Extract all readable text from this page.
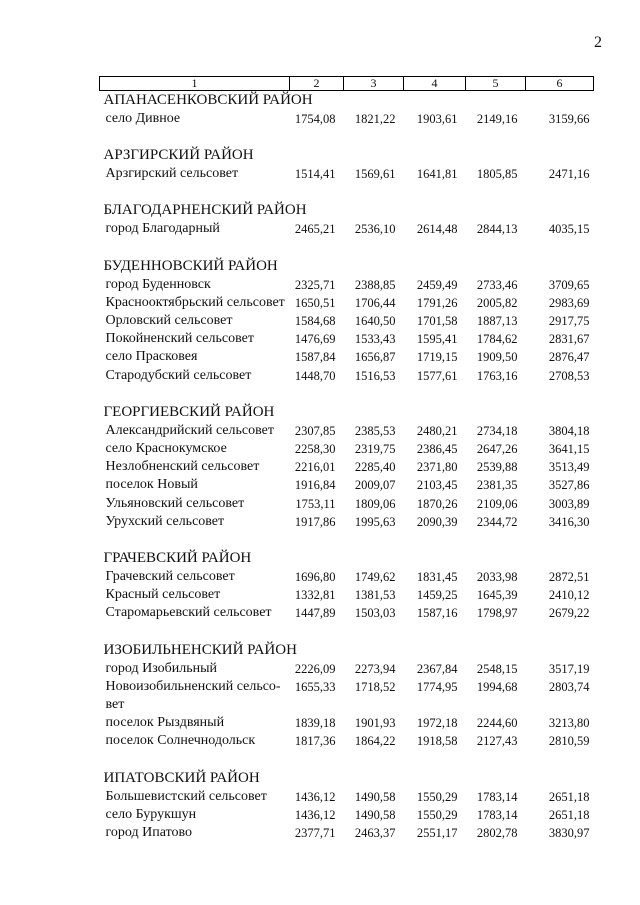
2
1	2	3	4	5	6
АПАНАСЕНКОВСКИЙ РАЙОН					
село Дивное	1754,08	1821,22	1903,61	2149,16	3159,66

АРЗГИРСКИЙ РАЙОН					
Арзгирский сельсовет	1514,41	1569,61	1641,81	1805,85	2471,16

БЛАГОДАРНЕНСКИЙ РАЙОН					
город Благодарный	2465,21	2536,10	2614,48	2844,13	4035,15

БУДЕННОВСКИЙ РАЙОН					
город Буденновск	2325,71	2388,85	2459,49	2733,46	3709,65
Краснооктябрьский сельсовет	1650,51	1706,44	1791,26	2005,82	2983,69
Орловский сельсовет	1584,68	1640,50	1701,58	1887,13	2917,75
Покойненский сельсовет	1476,69	1533,43	1595,41	1784,62	2831,67
село Прасковея	1587,84	1656,87	1719,15	1909,50	2876,47
Стародубский сельсовет	1448,70	1516,53	1577,61	1763,16	2708,53

ГЕОРГИЕВСКИЙ РАЙОН					
Александрийский сельсовет	2307,85	2385,53	2480,21	2734,18	3804,18
село Краснокумское	2258,30	2319,75	2386,45	2647,26	3641,15
Незлобненский сельсовет	2216,01	2285,40	2371,80	2539,88	3513,49
поселок Новый	1916,84	2009,07	2103,45	2381,35	3527,86
Ульяновский сельсовет	1753,11	1809,06	1870,26	2109,06	3003,89
Урухский сельсовет	1917,86	1995,63	2090,39	2344,72	3416,30

ГРАЧЕВСКИЙ РАЙОН					
Грачевский сельсовет	1696,80	1749,62	1831,45	2033,98	2872,51
Красный сельсовет	1332,81	1381,53	1459,25	1645,39	2410,12
Старомарьевский сельсовет	1447,89	1503,03	1587,16	1798,97	2679,22

ИЗОБИЛЬНЕНСКИЙ РАЙОН					
город Изобильный	2226,09	2273,94	2367,84	2548,15	3517,19
Новоизобильненский сельсо-	1655,33	1718,52	1774,95	1994,68	2803,74
вет					
поселок Рыздвяный	1839,18	1901,93	1972,18	2244,60	3213,80
поселок Солнечнодольск	1817,36	1864,22	1918,58	2127,43	2810,59

ИПАТОВСКИЙ РАЙОН					
Большевистский сельсовет	1436,12	1490,58	1550,29	1783,14	2651,18
село Бурукшун	1436,12	1490,58	1550,29	1783,14	2651,18
город Ипатово	2377,71	2463,37	2551,17	2802,78	3830,97
